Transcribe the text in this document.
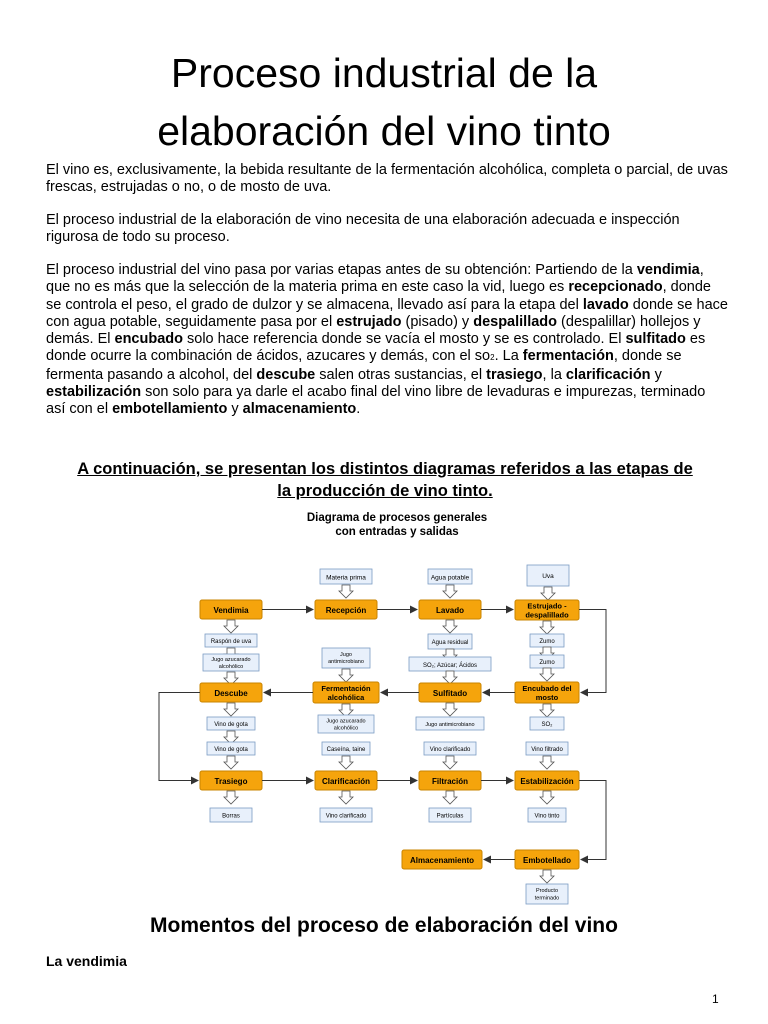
Proceso industrial de la
elaboración del vino tinto

El vino es, exclusivamente, la bebida resultante de la fermentación alcohólica, completa o parcial, de uvas frescas, estrujadas o no, o de mosto de uva.

El proceso industrial de la elaboración de vino necesita de una elaboración adecuada e inspección rigurosa de todo su proceso.

El proceso industrial del vino pasa por varias etapas antes de su obtención: Partiendo de la vendimia, que no es más que la selección de la materia prima en este caso la vid, luego es recepcionado, donde se controla el peso, el grado de dulzor y se almacena, llevado así para la etapa del lavado donde se hace con agua potable, seguidamente pasa por el estrujado (pisado) y despalillado (despalillar) hollejos y demás. El encubado solo hace referencia donde se vacía el mosto y se es controlado. El sulfitado es donde ocurre la combinación de ácidos, azucares y demás, con el so2. La fermentación, donde se fermenta pasando a alcohol, del descube salen otras sustancias, el trasiego, la clarificación y estabilización son solo para ya darle el acabo final del vino libre de levaduras e impurezas, terminado así con el embotellamiento y almacenamiento.

A continuación, se presentan los distintos diagramas referidos a las etapas de
la producción de vino tinto.
Diagrama de procesos generales
con entradas y salidas
Materia prima	Agua potable	Uva
Vendimia	Recepción	Lavado	Estrujado -
despalillado
Raspón de uva
Jugo azucarado
alcohólico
Agua residual	Zumo
Zumo
Jugo
antimicrobiano
SO₂; Azúcar; Ácidos
Descube
Fermentación
alcohólica	Sulfitado
Encubado del
mosto
Vino de gota
Jugo azucarado
alcohólico
Jugo antimicrobiano	SO₂
Vino de gota	Caseína, taine	Vino clarificado	Vino filtrado
Trasiego	Clarificación	Filtración	Estabilización
Borras	Vino clarificado	Partículas	Vino tinto
Almacenamiento	Embotellado
Producto
terminado
Momentos del proceso de elaboración del vino
La vendimia
1
